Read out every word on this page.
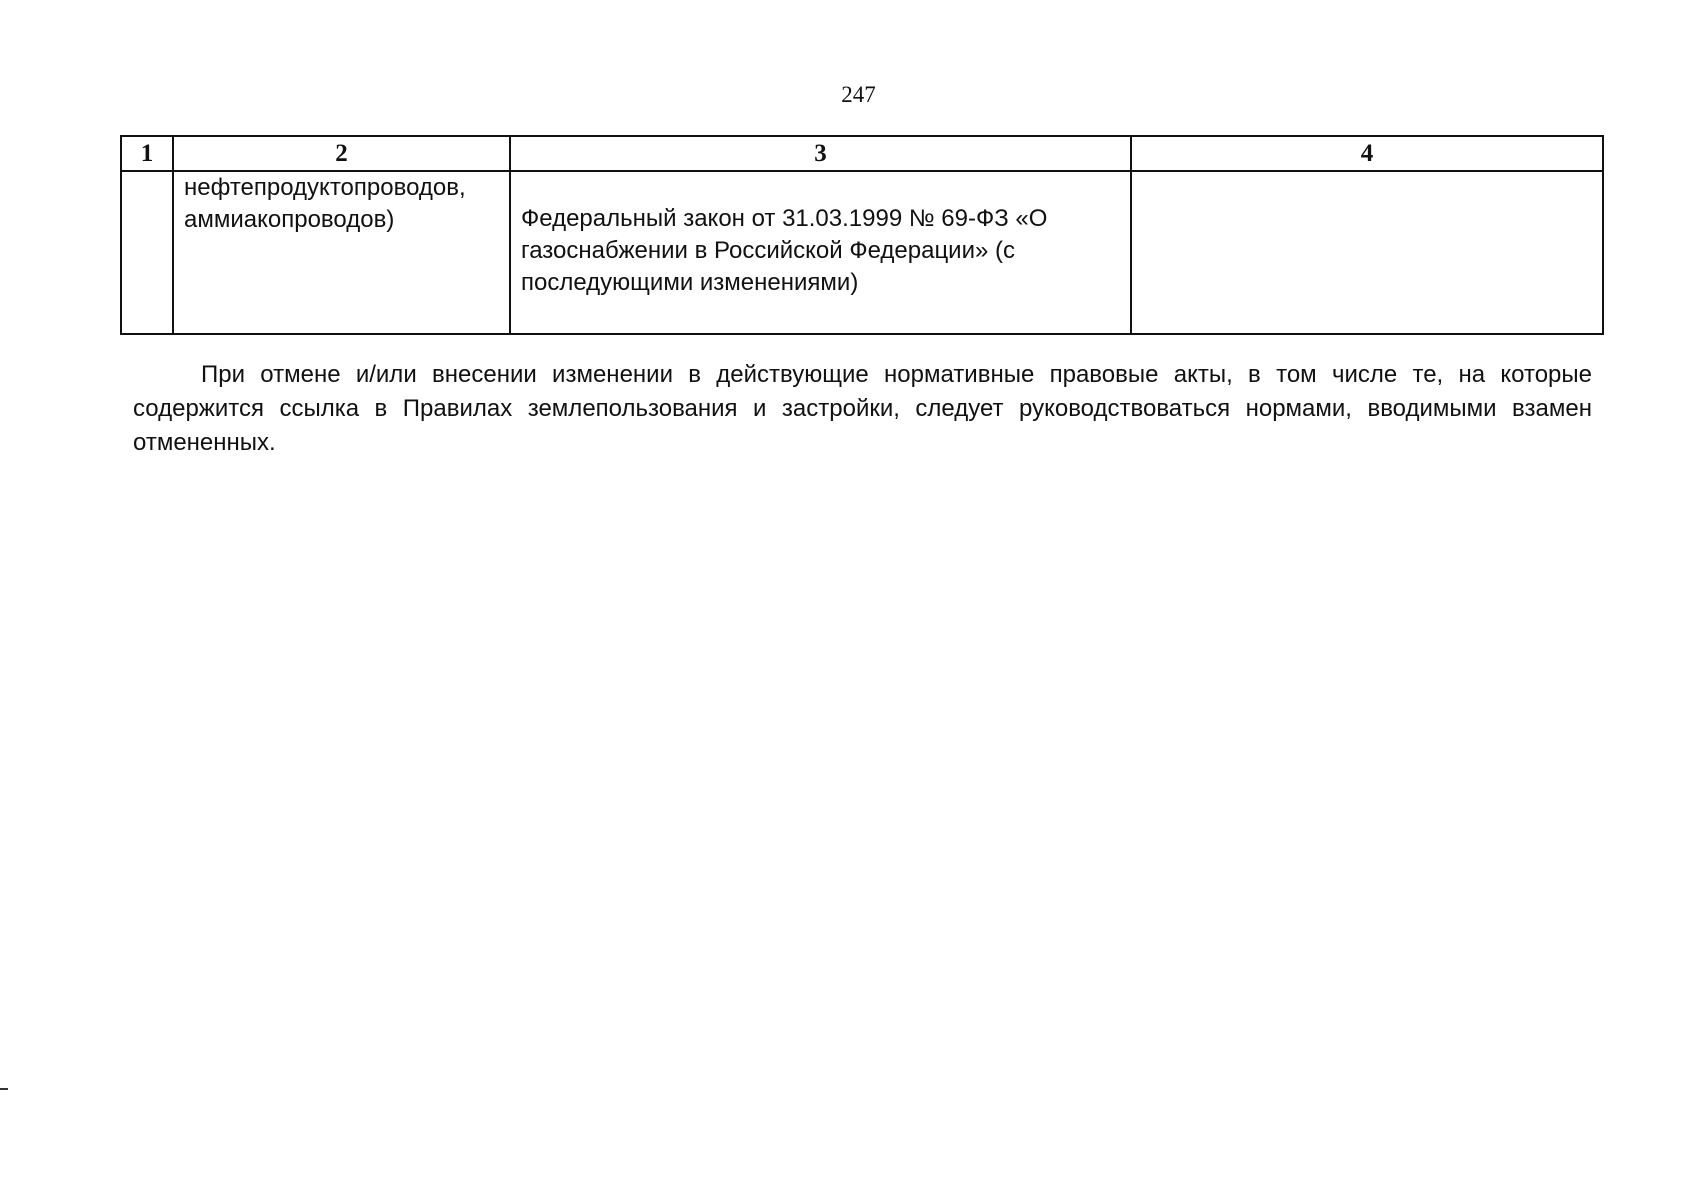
247
1	2	3	4
	нефтепродуктопроводов, аммиакопроводов)	Федеральный закон от 31.03.1999 № 69-ФЗ «О газоснабжении в Российской Федерации» (с последующими изменениями)	

При отмене и/или внесении изменении в действующие нормативные правовые акты, в том числе те, на которые содержится ссылка в Правилах землепользования и застройки, следует руководствоваться нормами, вводимыми взамен отмененных.
